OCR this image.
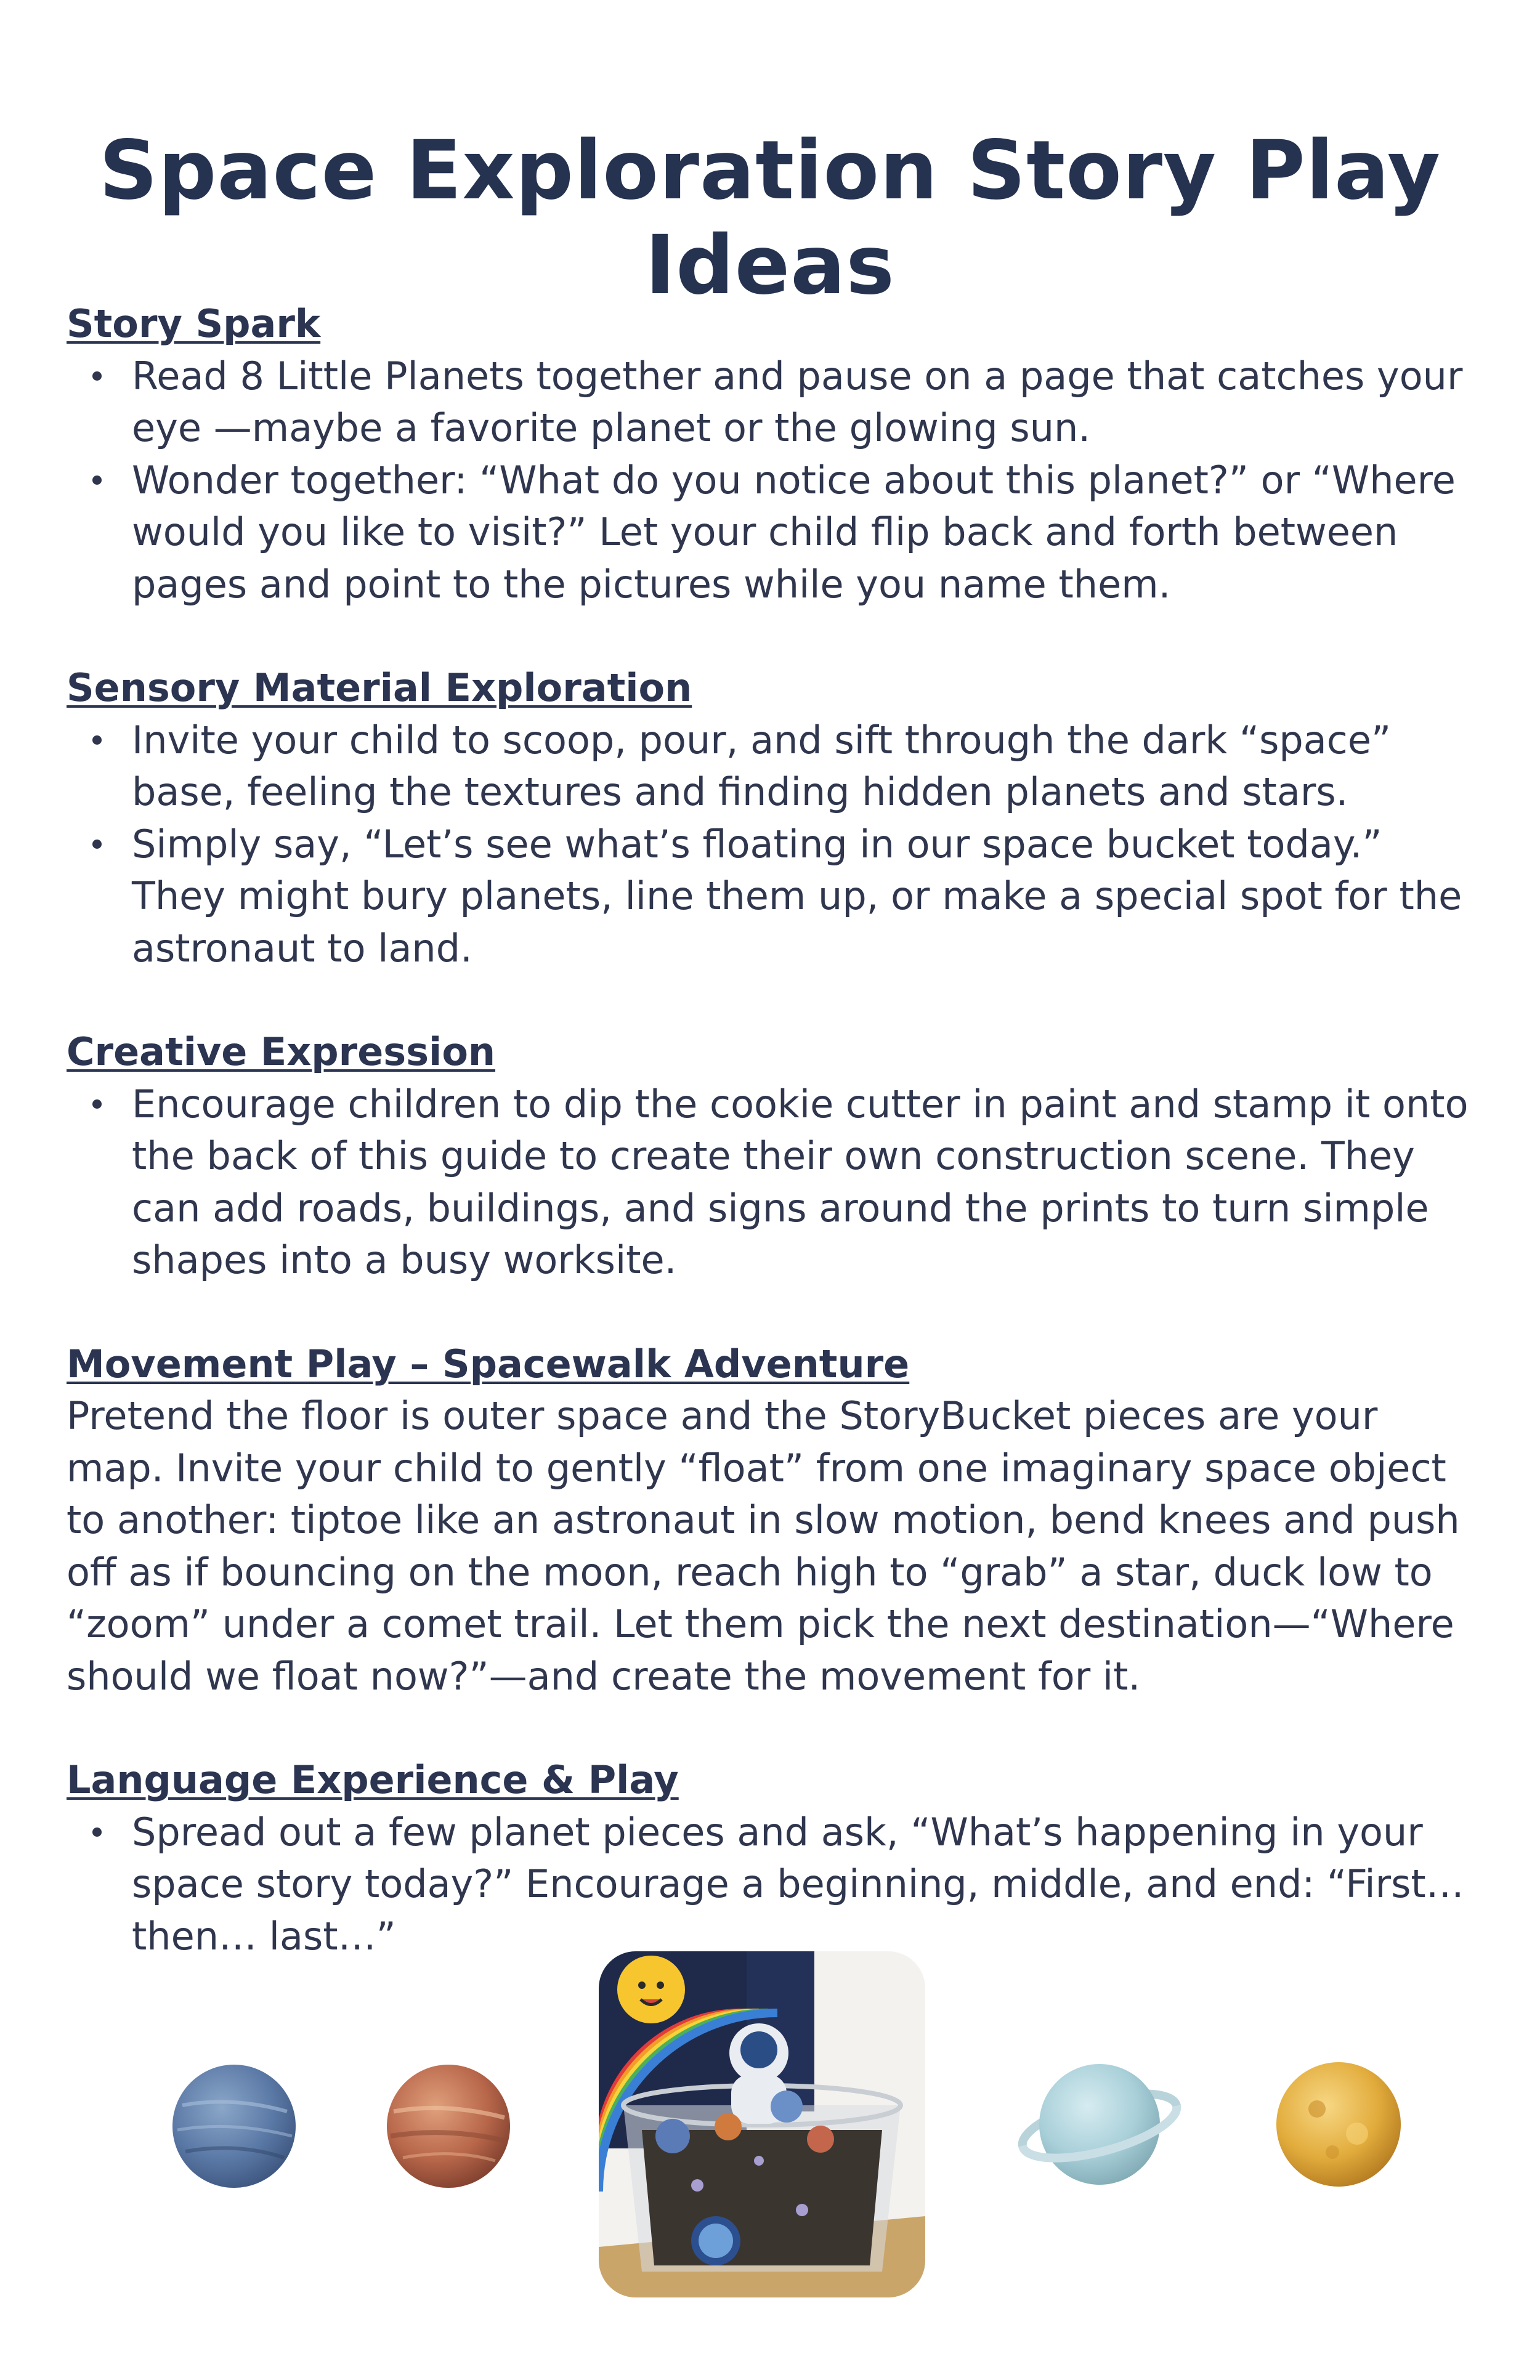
Space Exploration Story Play Ideas

Story Spark

Read 8 Little Planets together and pause on a page that catches your eye —maybe a favorite planet or the glowing sun.
Wonder together: “What do you notice about this planet?” or “Where would you like to visit?” Let your child flip back and forth between pages and point to the pictures while you name them.

Sensory Material Exploration

Invite your child to scoop, pour, and sift through the dark “space” base, feeling the textures and finding hidden planets and stars.
Simply say, “Let’s see what’s floating in our space bucket today.” They might bury planets, line them up, or make a special spot for the astronaut to land.

Creative Expression

Encourage children to dip the cookie cutter in paint and stamp it onto the back of this guide to create their own construction scene. They can add roads, buildings, and signs around the prints to turn simple shapes into a busy worksite.

Movement Play – Spacewalk Adventure

Pretend the floor is outer space and the StoryBucket pieces are your map. Invite your child to gently “float” from one imaginary space object to another: tiptoe like an astronaut in slow motion, bend knees and push off as if bouncing on the moon, reach high to “grab” a star, duck low to “zoom” under a comet trail. Let them pick the next destination—“Where should we float now?”—and create the movement for it.

Language Experience & Play

Spread out a few planet pieces and ask, “What’s happening in your space story today?” Encourage a beginning, middle, and end: “First… then… last…”
